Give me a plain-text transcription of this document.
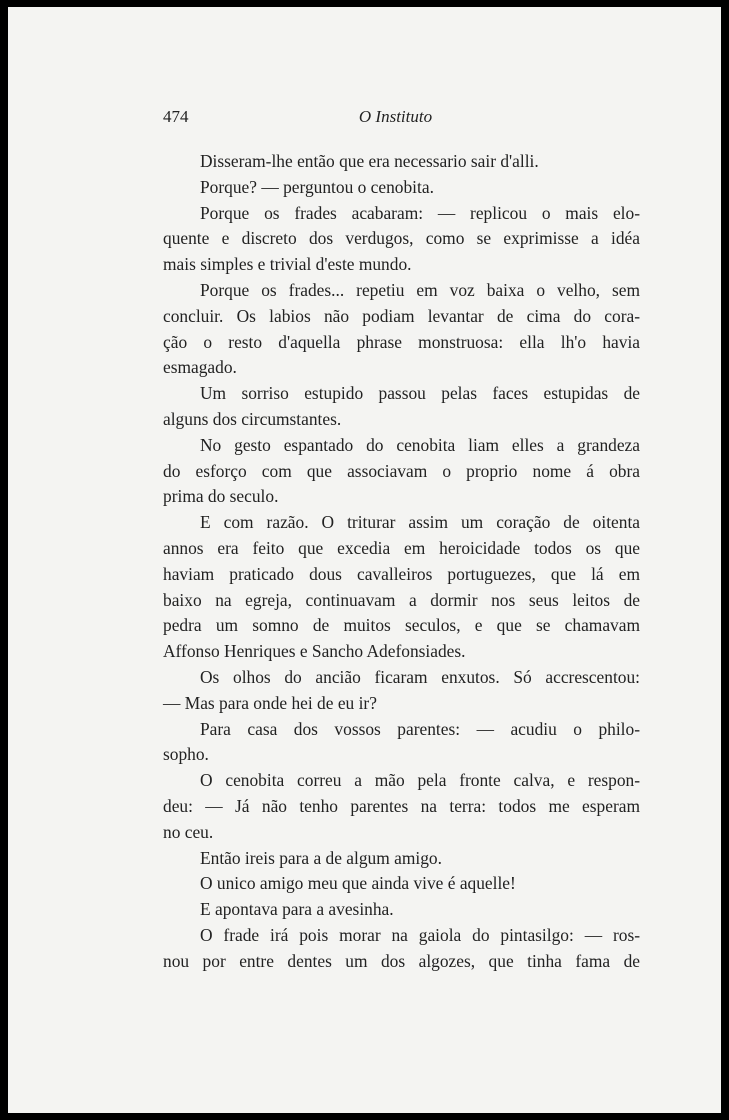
474	O Instituto
Disseram-lhe então que era necessario sair d'alli.
Porque? — perguntou o cenobita.
Porque os frades acabaram: — replicou o mais elo-
quente e discreto dos verdugos, como se exprimisse a idéa
mais simples e trivial d'este mundo.
Porque os frades... repetiu em voz baixa o velho, sem
concluir. Os labios não podiam levantar de cima do cora-
ção o resto d'aquella phrase monstruosa: ella lh'o havia
esmagado.
Um sorriso estupido passou pelas faces estupidas de
alguns dos circumstantes.
No gesto espantado do cenobita liam elles a grandeza
do esforço com que associavam o proprio nome á obra
prima do seculo.
E com razão. O triturar assim um coração de oitenta
annos era feito que excedia em heroicidade todos os que
haviam praticado dous cavalleiros portuguezes, que lá em
baixo na egreja, continuavam a dormir nos seus leitos de
pedra um somno de muitos seculos, e que se chamavam
Affonso Henriques e Sancho Adefonsiades.
Os olhos do ancião ficaram enxutos. Só accrescentou:
— Mas para onde hei de eu ir?
Para casa dos vossos parentes: — acudiu o philo-
sopho.
O cenobita correu a mão pela fronte calva, e respon-
deu: — Já não tenho parentes na terra: todos me esperam
no ceu.
Então ireis para a de algum amigo.
O unico amigo meu que ainda vive é aquelle!
E apontava para a avesinha.
O frade irá pois morar na gaiola do pintasilgo: — ros-
nou por entre dentes um dos algozes, que tinha fama de
